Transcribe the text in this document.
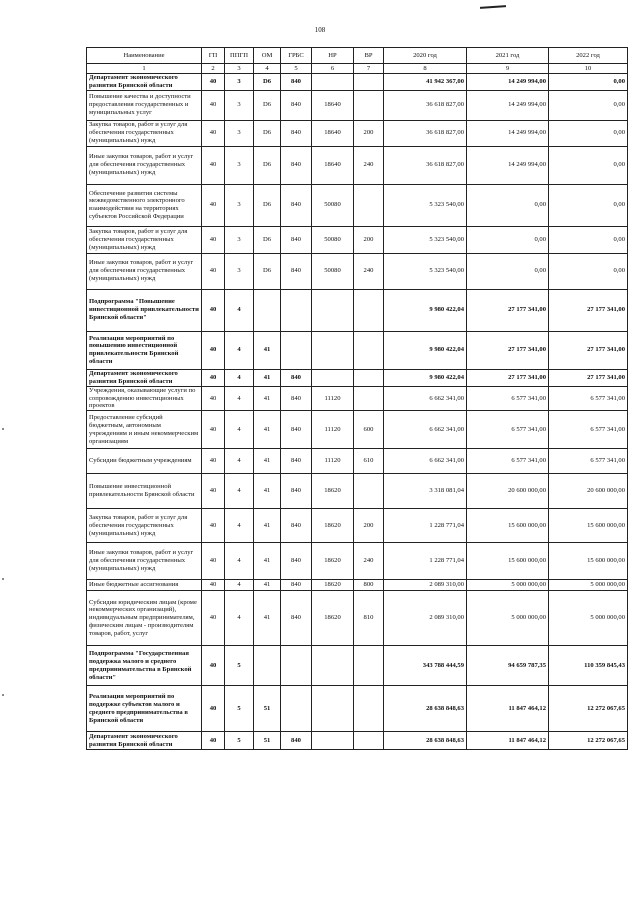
108
Наименование	ГП	ППГП	ОМ	ГРБС	НР	ВР	2020 год	2021 год	2022 год
1	2	3	4	5	6	7	8	9	10
Департамент экономического развития Брянской области	40	3	D6	840			41 942 367,00	14 249 994,00	0,00
Повышение качества и доступности предоставления государственных и муниципальных услуг	40	3	D6	840	18640		36 618 827,00	14 249 994,00	0,00
Закупка товаров, работ и услуг для обеспечения государственных (муниципальных) нужд	40	3	D6	840	18640	200	36 618 827,00	14 249 994,00	0,00
Иные закупки товаров, работ и услуг для обеспечения государственных (муниципальных) нужд	40	3	D6	840	18640	240	36 618 827,00	14 249 994,00	0,00
Обеспечение развития системы межведомственного электронного взаимодействия на территориях субъектов Российской Федерации	40	3	D6	840	50080		5 323 540,00	0,00	0,00
Закупка товаров, работ и услуг для обеспечения государственных (муниципальных) нужд	40	3	D6	840	50080	200	5 323 540,00	0,00	0,00
Иные закупки товаров, работ и услуг для обеспечения государственных (муниципальных) нужд	40	3	D6	840	50080	240	5 323 540,00	0,00	0,00
Подпрограмма "Повышение инвестиционной привлекательности Брянской области"	40	4					9 980 422,04	27 177 341,00	27 177 341,00
Реализация мероприятий по повышению инвестиционной привлекательности Брянской области	40	4	41				9 980 422,04	27 177 341,00	27 177 341,00
Департамент экономического развития Брянской области	40	4	41	840			9 980 422,04	27 177 341,00	27 177 341,00
Учреждения, оказывающие услуги по сопровождению инвестиционных проектов	40	4	41	840	11120		6 662 341,00	6 577 341,00	6 577 341,00
Предоставление субсидий бюджетным, автономным учреждениям и иным некоммерческим организациям	40	4	41	840	11120	600	6 662 341,00	6 577 341,00	6 577 341,00
Субсидии бюджетным учреждениям	40	4	41	840	11120	610	6 662 341,00	6 577 341,00	6 577 341,00
Повышение инвестиционной привлекательности Брянской области	40	4	41	840	18620		3 318 081,04	20 600 000,00	20 600 000,00
Закупка товаров, работ и услуг для обеспечения государственных (муниципальных) нужд	40	4	41	840	18620	200	1 228 771,04	15 600 000,00	15 600 000,00
Иные закупки товаров, работ и услуг для обеспечения государственных (муниципальных) нужд	40	4	41	840	18620	240	1 228 771,04	15 600 000,00	15 600 000,00
Иные бюджетные ассигнования	40	4	41	840	18620	800	2 089 310,00	5 000 000,00	5 000 000,00
Субсидии юридическим лицам (кроме некоммерческих организаций), индивидуальным предпринимателям, физическим лицам - производителям товаров, работ, услуг	40	4	41	840	18620	810	2 089 310,00	5 000 000,00	5 000 000,00
Подпрограмма "Государственная поддержка малого и среднего предпринимательства в Брянской области"	40	5					343 788 444,59	94 659 787,35	110 359 845,43
Реализация мероприятий по поддержке субъектов малого и среднего предпринимательства в Брянской области	40	5	51				28 638 848,63	11 847 464,12	12 272 067,65
Департамент экономического развития Брянской области	40	5	51	840			28 638 848,63	11 847 464,12	12 272 067,65
